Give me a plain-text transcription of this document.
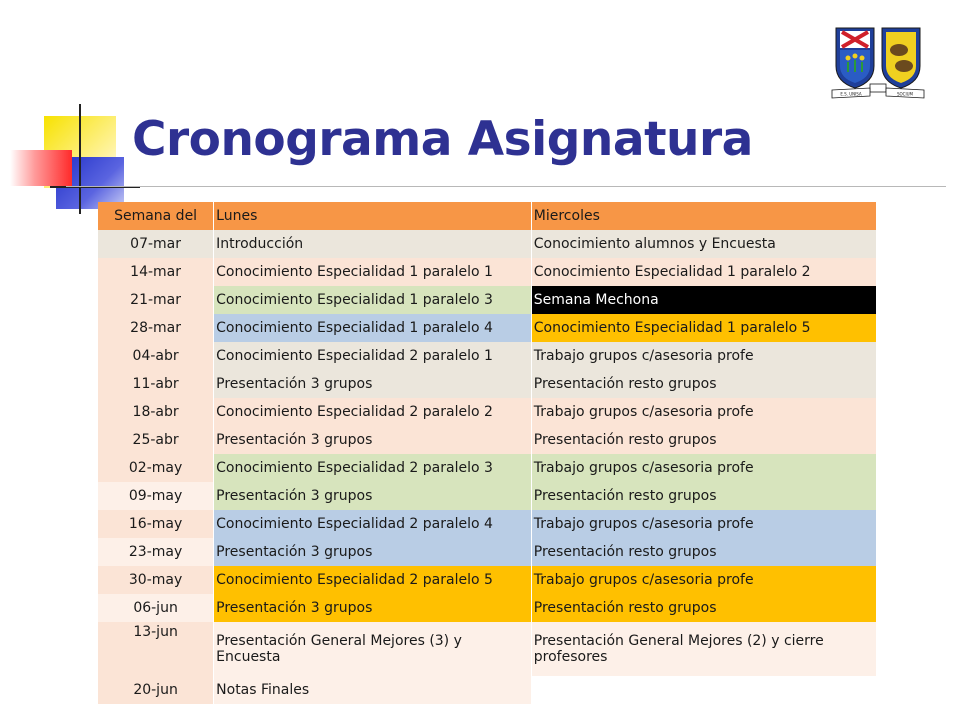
Cronograma Asignatura
E.S. UNISA	SOCIUM
Semana del	Lunes	Miercoles
07-mar	Introducción	Conocimiento alumnos y Encuesta
14-mar	Conocimiento Especialidad 1 paralelo 1	Conocimiento Especialidad 1 paralelo 2
21-mar	Conocimiento Especialidad 1 paralelo 3	Semana Mechona
28-mar	Conocimiento Especialidad 1 paralelo 4	Conocimiento Especialidad 1 paralelo 5
04-abr	Conocimiento Especialidad 2 paralelo 1	Trabajo grupos c/asesoria profe
11-abr	Presentación 3 grupos	Presentación resto grupos
18-abr	Conocimiento Especialidad 2 paralelo 2	Trabajo grupos c/asesoria profe
25-abr	Presentación 3 grupos	Presentación resto grupos
02-may	Conocimiento Especialidad 2 paralelo 3	Trabajo grupos c/asesoria profe
09-may	Presentación 3 grupos	Presentación resto grupos
16-may	Conocimiento Especialidad 2 paralelo 4	Trabajo grupos c/asesoria profe
23-may	Presentación 3 grupos	Presentación resto grupos
30-may	Conocimiento Especialidad 2 paralelo 5	Trabajo grupos c/asesoria profe
06-jun	Presentación 3 grupos	Presentación resto grupos
13-jun	Presentación General Mejores (3) y Encuesta	Presentación General Mejores (2) y cierre profesores
20-jun	Notas Finales	
